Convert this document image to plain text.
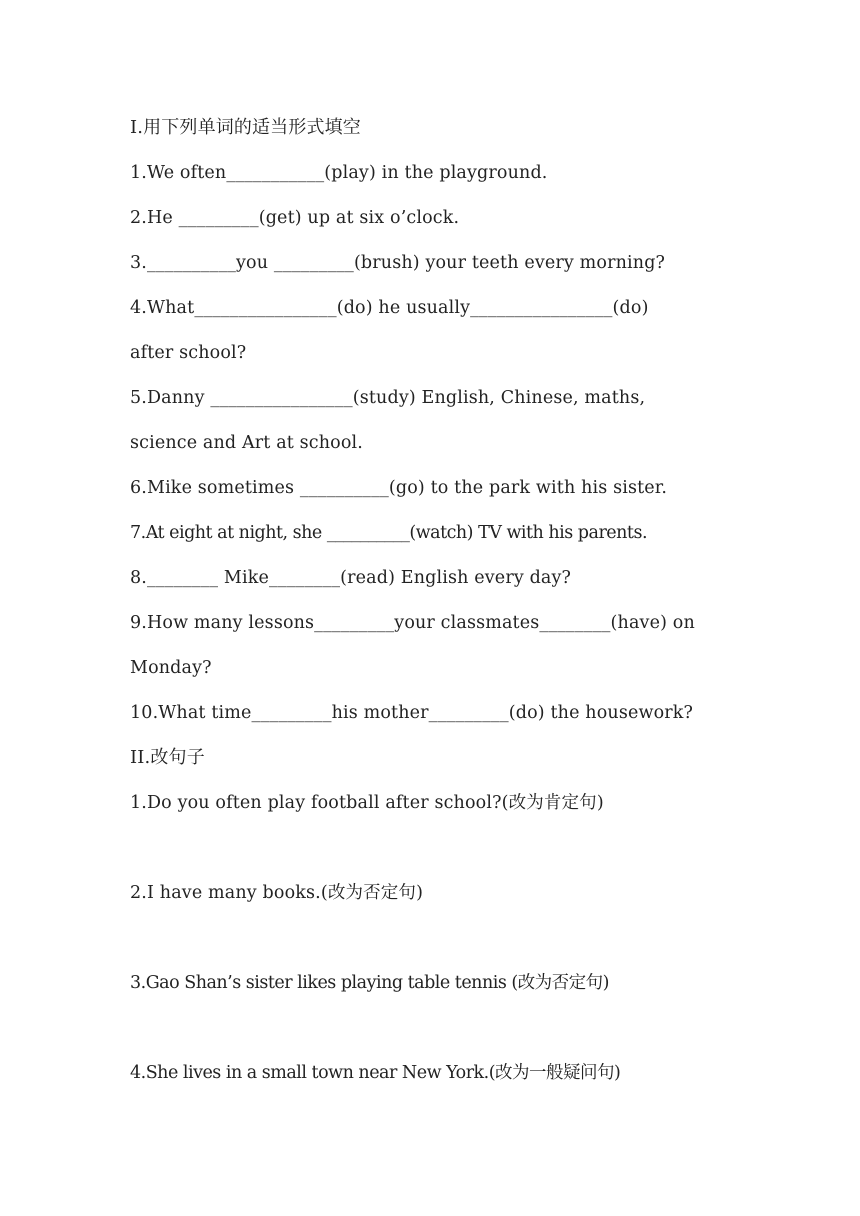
I.用下列单词的适当形式填空
1.We often___________(play) in the playground.
2.He _________(get) up at six o’clock.
3.__________you _________(brush) your teeth every morning?
4.What________________(do) he usually________________(do)
after school?
5.Danny ________________(study) English, Chinese, maths,
science and Art at school.
6.Mike sometimes __________(go) to the park with his sister.
7.At eight at night, she __________(watch) TV with his parents.
8.________ Mike________(read) English every day?
9.How many lessons_________your classmates________(have) on
Monday?
10.What time_________his mother_________(do) the housework?
II.改句子
1.Do you often play football after school?(改为肯定句)
2.I have many books.(改为否定句)
3.Gao Shan’s sister likes playing table tennis (改为否定句)
4.She lives in a small town near New York.(改为一般疑问句)
